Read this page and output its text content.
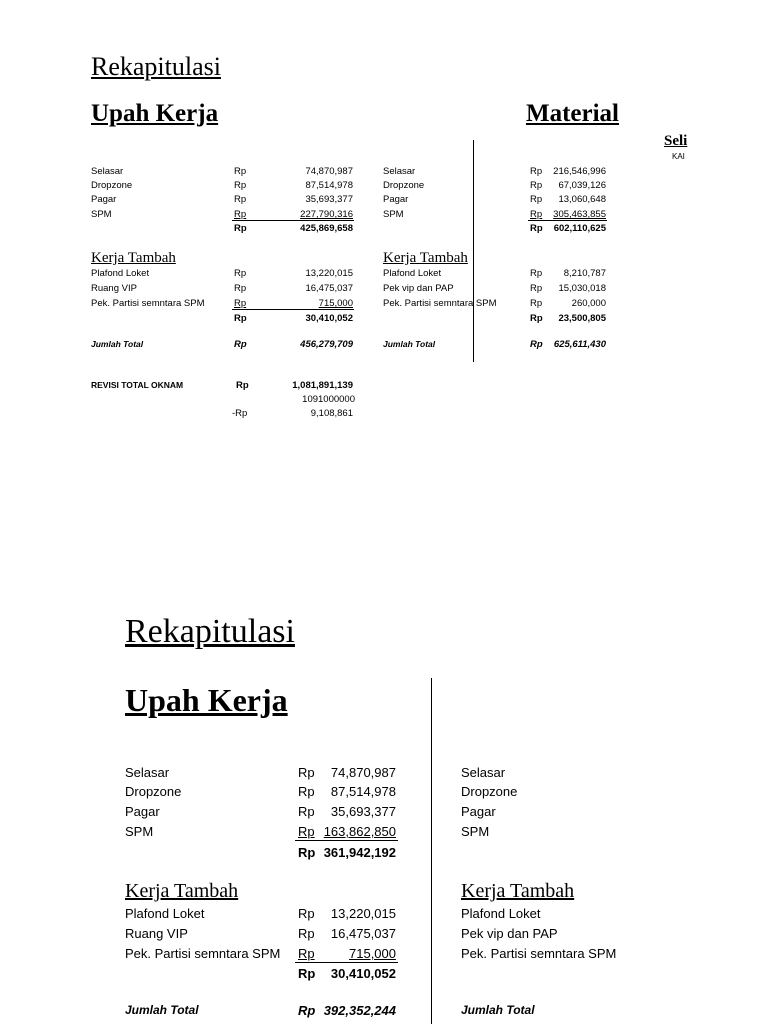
Rekapitulasi
Upah Kerja	Material
Seli
KAI
Selasar	Rp	74,870,987
Dropzone	Rp	87,514,978
Pagar	Rp	35,693,377
SPM	Rp	227,790,316
Rp	425,869,658
Kerja Tambah
Plafond Loket	Rp	13,220,015
Ruang VIP	Rp	16,475,037
Pek. Partisi semntara SPM	Rp	715,000
Rp	30,410,052
Jumlah Total	Rp	456,279,709
Selasar	Rp	216,546,996
Dropzone	Rp	67,039,126
Pagar	Rp	13,060,648
SPM	Rp	305,463,855
Rp	602,110,625
Kerja Tambah
Plafond Loket	Rp	8,210,787
Pek vip dan PAP	Rp	15,030,018
Pek. Partisi semntara SPM	Rp	260,000
Rp	23,500,805
Jumlah Total	Rp	625,611,430
REVISI TOTAL OKNAM	Rp	1,081,891,139
1091000000
-Rp	9,108,861
Rekapitulasi
Upah Kerja
Selasar	Rp	74,870,987
Dropzone	Rp	87,514,978
Pagar	Rp	35,693,377
SPM	Rp 163,862,850
Rp 361,942,192
Kerja Tambah
Plafond Loket	Rp	13,220,015
Ruang VIP	Rp	16,475,037
Pek. Partisi semntara SPM Rp	715,000
Rp	30,410,052
Jumlah Total	Rp 392,352,244
Selasar
Dropzone
Pagar
SPM
Kerja Tambah
Plafond Loket
Pek vip dan PAP
Pek. Partisi semntara SPM
Jumlah Total
